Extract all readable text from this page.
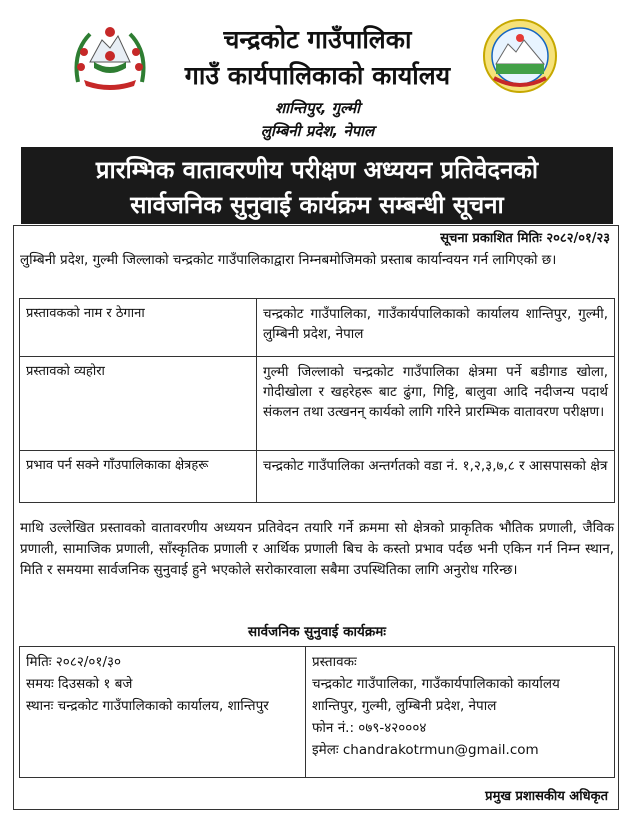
चन्द्रकोट गाउँपालिका
गाउँ कार्यपालिकाको कार्यालय
शान्तिपुर, गुल्मी
लुम्बिनी प्रदेश, नेपाल
प्रारम्भिक वातावरणीय परीक्षण अध्ययन प्रतिवेदनको
सार्वजनिक सुनुवाई कार्यक्रम सम्बन्धी सूचना
सूचना प्रकाशित मितिः २०८२/०१/२३
लुम्बिनी प्रदेश, गुल्मी जिल्लाको चन्द्रकोट गाउँपालिकाद्वारा निम्नबमोजिमको प्रस्ताब कार्यान्वयन गर्न लागिएको छ।
प्रस्तावकको नाम र ठेगाना	चन्द्रकोट गाउँपालिका, गाउँकार्यपालिकाको कार्यालय शान्तिपुर, गुल्मी, लुम्बिनी प्रदेश, नेपाल
प्रस्तावको व्यहोरा	गुल्मी जिल्लाको चन्द्रकोट गाउँपालिका क्षेत्रमा पर्ने बडीगाड खोला, गोदीखोला र खहरेहरू बाट ढुंगा, गिट्टि, बालुवा आदि नदीजन्य पदार्थ संकलन तथा उत्खनन् कार्यको लागि गरिने प्रारम्भिक वातावरण परीक्षण।
प्रभाव पर्न सक्ने गाँउपालिकाका क्षेत्रहरू	चन्द्रकोट गाउँपालिका अन्तर्गतको वडा नं. १,२,३,७,८ र आसपासको क्षेत्र
माथि उल्लेखित प्रस्तावको वातावरणीय अध्ययन प्रतिवेदन तयारि गर्ने क्रममा सो क्षेत्रको प्राकृतिक भौतिक प्रणाली, जैविक प्रणाली, सामाजिक प्रणाली, साँस्कृतिक प्रणाली र आर्थिक प्रणाली बिच के कस्तो प्रभाव पर्दछ भनी एकिन गर्न निम्न स्थान, मिति र समयमा सार्वजनिक सुनुवाई हुने भएकोले सरोकारवाला सबैमा उपस्थितिका लागि अनुरोध गरिन्छ।
सार्वजनिक सुनुवाई कार्यक्रमः
मितिः २०८२/०१/३०
समयः दिउसको १ बजे
स्थानः चन्द्रकोट गाउँपालिकाको कार्यालय, शान्तिपुर
प्रस्तावकः
चन्द्रकोट गाउँपालिका, गाउँकार्यपालिकाको कार्यालय
शान्तिपुर, गुल्मी, लुम्बिनी प्रदेश, नेपाल
फोन नं.: ०७९-४२०००४
इमेलः chandrakotrmun@gmail.com
प्रमुख प्रशासकीय अधिकृत
